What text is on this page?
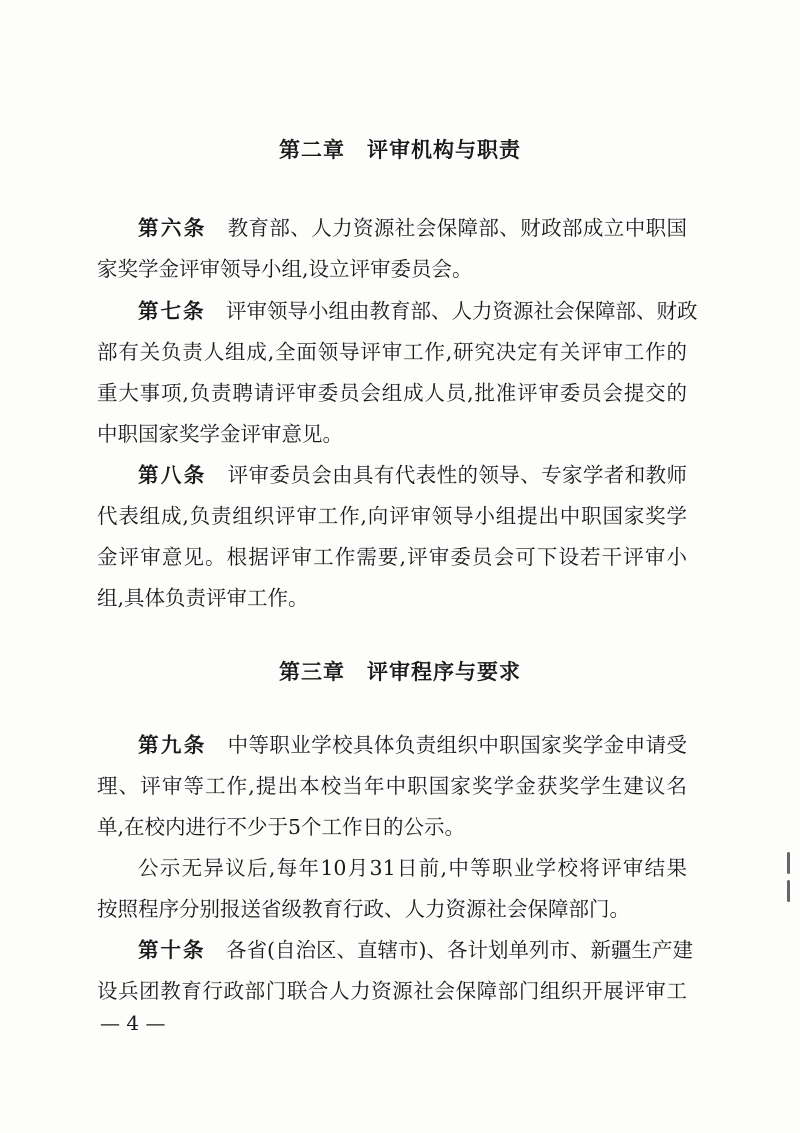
第二章　评审机构与职责
第六条　 教育部、人力资源社会保障部、财政部成立中职国
家奖学金评审领导小组,设立评审委员会。
第七条　 评审领导小组由教育部、人力资源社会保障部、财政
部有关负责人组成,全面领导评审工作,研究决定有关评审工作的
重大事项,负责聘请评审委员会组成人员,批准评审委员会提交的
中职国家奖学金评审意见。
第八条　 评审委员会由具有代表性的领导、专家学者和教师
代表组成,负责组织评审工作,向评审领导小组提出中职国家奖学
金评审意见。根据评审工作需要,评审委员会可下设若干评审小
组,具体负责评审工作。
第三章　评审程序与要求
第九条　 中等职业学校具体负责组织中职国家奖学金申请受
理、评审等工作,提出本校当年中职国家奖学金获奖学生建议名
单,在校内进行不少于5个工作日的公示。
公示无异议后,每年10月31日前,中等职业学校将评审结果
按照程序分别报送省级教育行政、人力资源社会保障部门。
第十条　 各省(自治区、直辖市)、各计划单列市、新疆生产建
设兵团教育行政部门联合人力资源社会保障部门组织开展评审工
— 4 —
